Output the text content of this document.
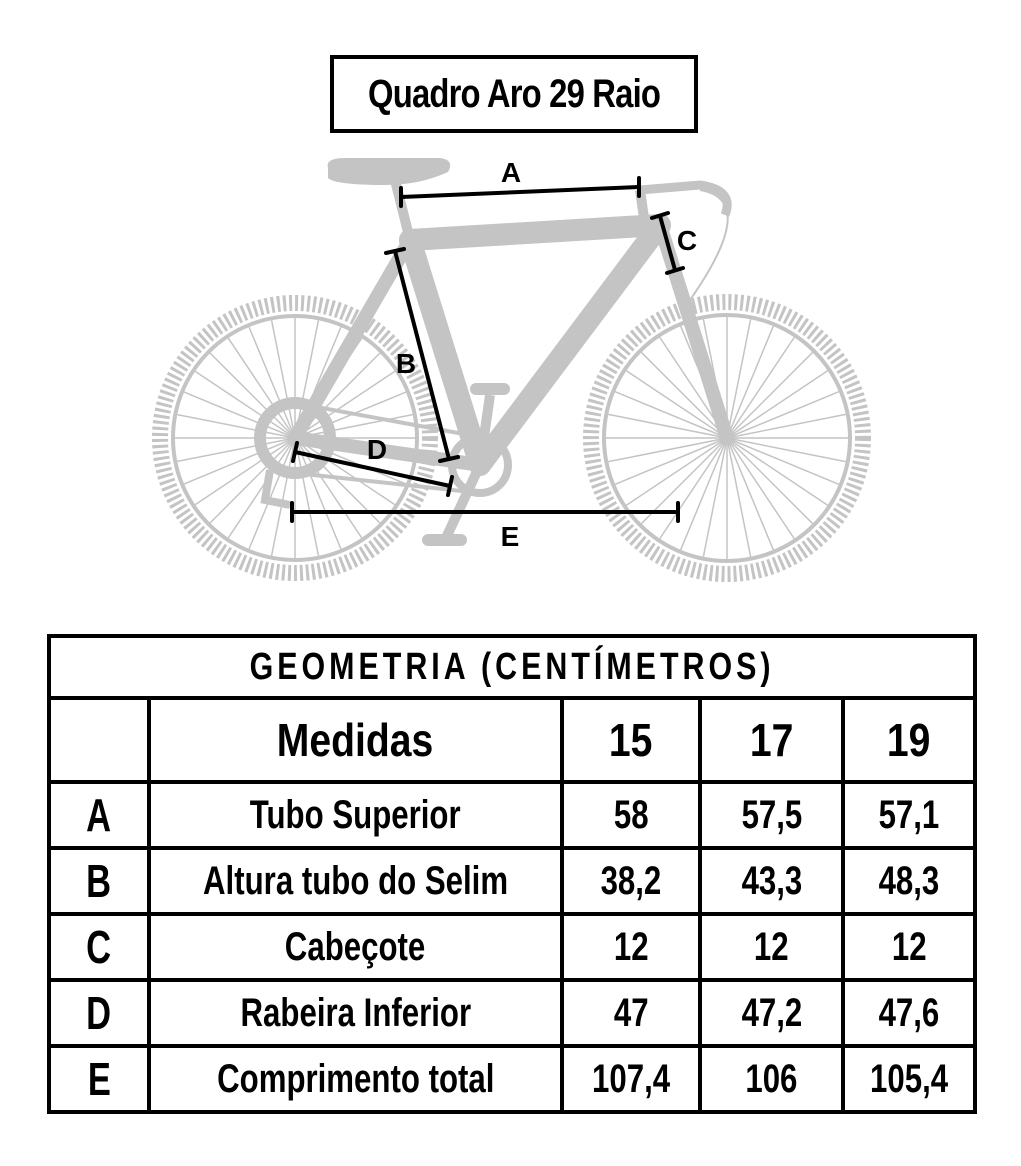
Quadro Aro 29 Raio
A
B
C
D
E
GEOMETRIA (CENTÍMETROS)				
	Medidas	15	17	19
A	Tubo Superior	58	57,5	57,1
B	Altura tubo do Selim	38,2	43,3	48,3
C	Cabeçote	12	12	12
D	Rabeira Inferior	47	47,2	47,6
E	Comprimento total	107,4	106	105,4
